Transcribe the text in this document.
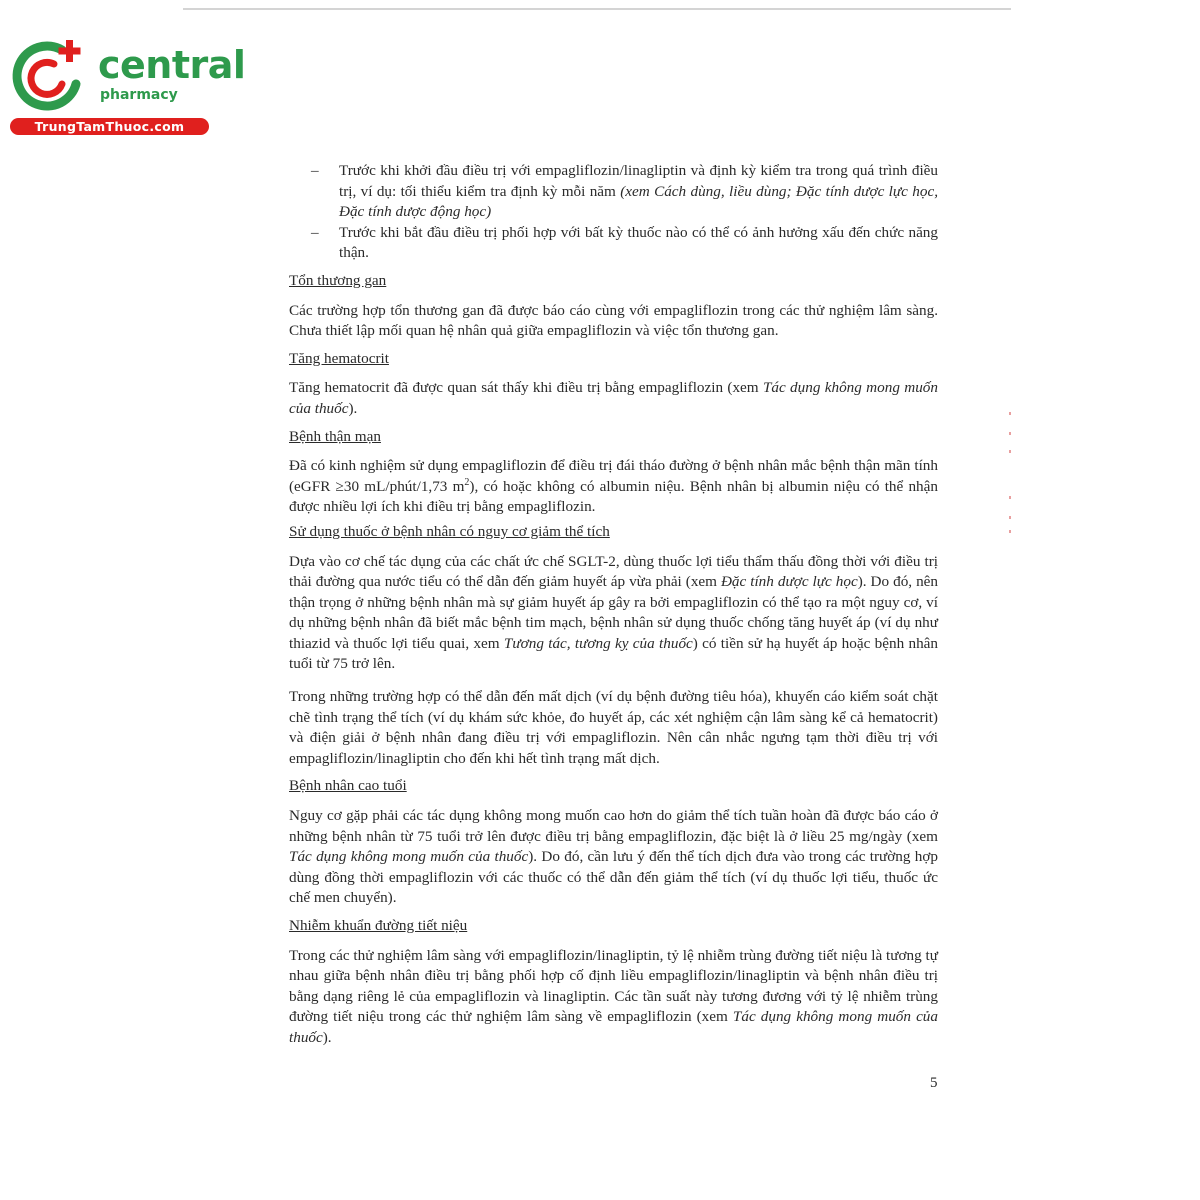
central
pharmacy
TrungTamThuoc.com
– Trước khi khởi đầu điều trị với empagliflozin/linagliptin và định kỳ kiểm tra trong quá trình điều trị, ví dụ: tối thiểu kiểm tra định kỳ mỗi năm (xem Cách dùng, liều dùng; Đặc tính dược lực học, Đặc tính dược động học)
– Trước khi bắt đầu điều trị phối hợp với bất kỳ thuốc nào có thể có ảnh hưởng xấu đến chức năng thận.

Tổn thương gan

Các trường hợp tổn thương gan đã được báo cáo cùng với empagliflozin trong các thử nghiệm lâm sàng. Chưa thiết lập mối quan hệ nhân quả giữa empagliflozin và việc tổn thương gan.

Tăng hematocrit

Tăng hematocrit đã được quan sát thấy khi điều trị bằng empagliflozin (xem Tác dụng không mong muốn của thuốc).

Bệnh thận mạn

Đã có kinh nghiệm sử dụng empagliflozin để điều trị đái tháo đường ở bệnh nhân mắc bệnh thận mãn tính (eGFR ≥30 mL/phút/1,73 $m^2$), có hoặc không có albumin niệu. Bệnh nhân bị albumin niệu có thể nhận được nhiều lợi ích khi điều trị bằng empagliflozin.

Sử dụng thuốc ở bệnh nhân có nguy cơ giảm thể tích

Dựa vào cơ chế tác dụng của các chất ức chế SGLT-2, dùng thuốc lợi tiểu thẩm thấu đồng thời với điều trị thải đường qua nước tiểu có thể dẫn đến giảm huyết áp vừa phải (xem Đặc tính dược lực học). Do đó, nên thận trọng ở những bệnh nhân mà sự giảm huyết áp gây ra bởi empagliflozin có thể tạo ra một nguy cơ, ví dụ những bệnh nhân đã biết mắc bệnh tim mạch, bệnh nhân sử dụng thuốc chống tăng huyết áp (ví dụ như thiazid và thuốc lợi tiểu quai, xem Tương tác, tương kỵ của thuốc) có tiền sử hạ huyết áp hoặc bệnh nhân tuổi từ 75 trở lên.

Trong những trường hợp có thể dẫn đến mất dịch (ví dụ bệnh đường tiêu hóa), khuyến cáo kiểm soát chặt chẽ tình trạng thể tích (ví dụ khám sức khỏe, đo huyết áp, các xét nghiệm cận lâm sàng kể cả hematocrit) và điện giải ở bệnh nhân đang điều trị với empagliflozin. Nên cân nhắc ngưng tạm thời điều trị với empagliflozin/linagliptin cho đến khi hết tình trạng mất dịch.

Bệnh nhân cao tuổi

Nguy cơ gặp phải các tác dụng không mong muốn cao hơn do giảm thể tích tuần hoàn đã được báo cáo ở những bệnh nhân từ 75 tuổi trở lên được điều trị bằng empagliflozin, đặc biệt là ở liều 25 mg/ngày (xem Tác dụng không mong muốn của thuốc). Do đó, cần lưu ý đến thể tích dịch đưa vào trong các trường hợp dùng đồng thời empagliflozin với các thuốc có thể dẫn đến giảm thể tích (ví dụ thuốc lợi tiểu, thuốc ức chế men chuyển).

Nhiễm khuẩn đường tiết niệu

Trong các thử nghiệm lâm sàng với empagliflozin/linagliptin, tỷ lệ nhiễm trùng đường tiết niệu là tương tự nhau giữa bệnh nhân điều trị bằng phối hợp cố định liều empagliflozin/linagliptin và bệnh nhân điều trị bằng dạng riêng lẻ của empagliflozin và linagliptin. Các tần suất này tương đương với tỷ lệ nhiễm trùng đường tiết niệu trong các thử nghiệm lâm sàng về empagliflozin (xem Tác dụng không mong muốn của thuốc).

5
